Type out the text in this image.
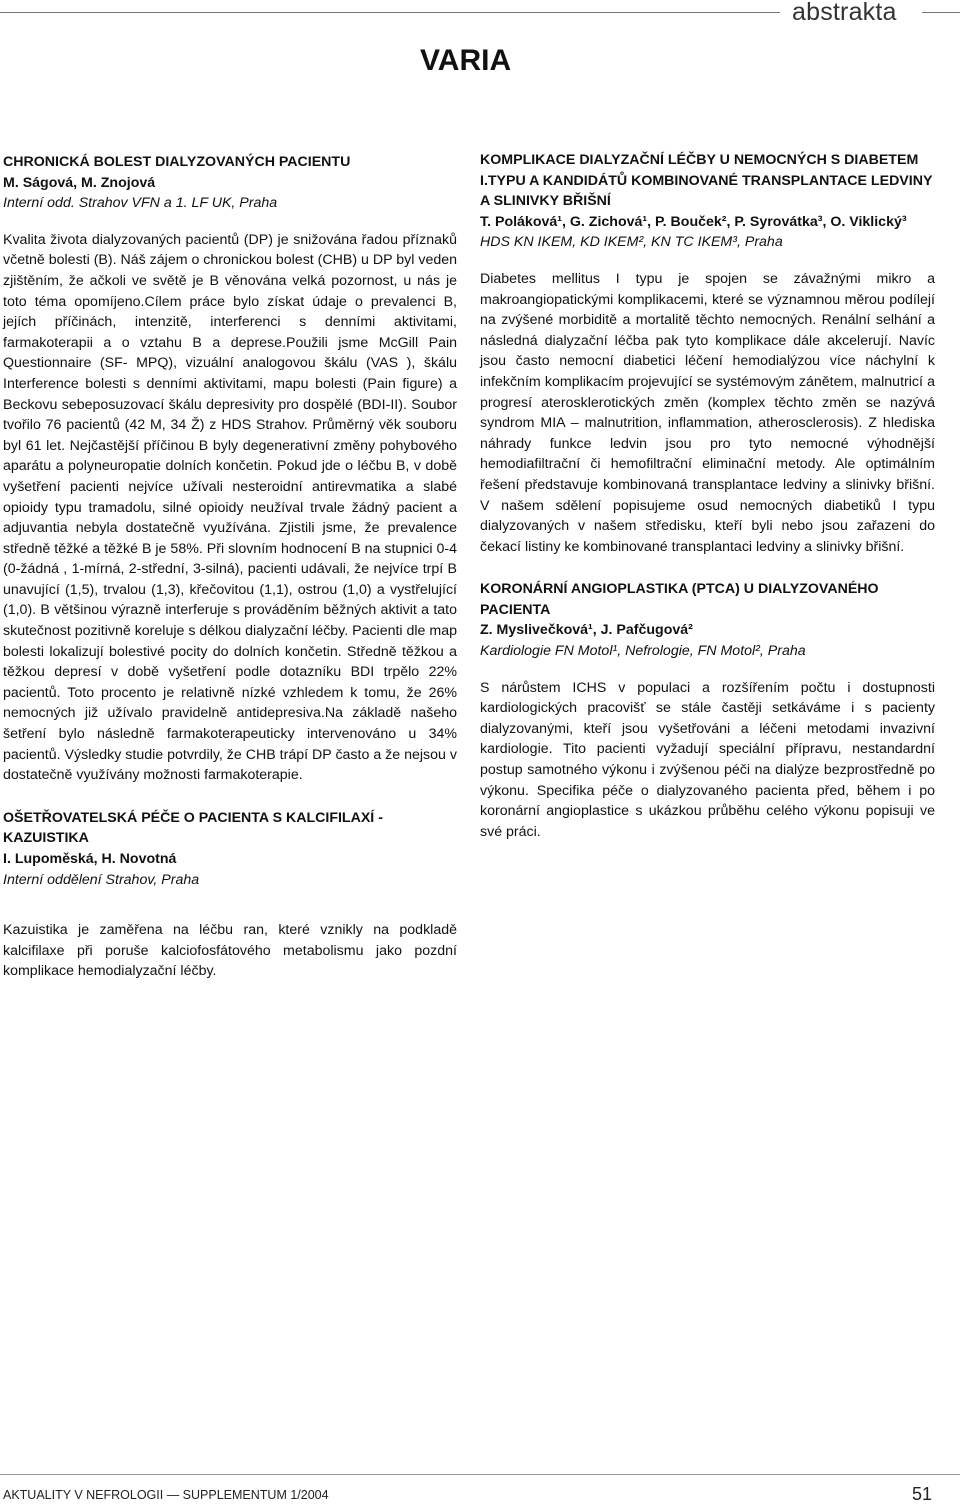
abstrakta
VARIA

CHRONICKÁ BOLEST DIALYZOVANÝCH PACIENTU

M. Ságová, M. Znojová

Interní odd. Strahov VFN a 1. LF UK, Praha

Kvalita života dialyzovaných pacientů (DP) je snižována řadou příznaků včetně bolesti (B). Náš zájem o chronickou bolest (CHB) u DP byl veden zjištěním, že ačkoli ve světě je B věnována velká pozornost, u nás je toto téma opomíjeno.Cílem práce bylo získat údaje o prevalenci B, jejích příčinách, intenzitě, interferenci s denními aktivitami, farmakoterapii a o vztahu B a deprese.Použili jsme McGill Pain Questionnaire (SF- MPQ), vizuální analogovou škálu (VAS ), škálu Interference bolesti s denními aktivitami, mapu bolesti (Pain figure) a Beckovu sebeposuzovací škálu depresivity pro dospělé (BDI-II). Soubor tvořilo 76 pacientů (42 M, 34 Ž) z HDS Strahov. Průměrný věk souboru byl 61 let. Nejčastější příčinou B byly degenerativní změny pohybového aparátu a polyneuropatie dolních končetin. Pokud jde o léčbu B, v době vyšetření pacienti nejvíce užívali nesteroidní antirevmatika a slabé opioidy typu tramadolu, silné opioidy neužíval trvale žádný pacient a adjuvantia nebyla dostatečně využívána. Zjistili jsme, že prevalence středně těžké a těžké B je 58%. Při slovním hodnocení B na stupnici 0-4 (0-žádná , 1-mírná, 2-střední, 3-silná), pacienti udávali, že nejvíce trpí B unavující (1,5), trvalou (1,3), křečovitou (1,1), ostrou (1,0) a vystřelující (1,0). B většinou výrazně interferuje s prováděním běžných aktivit a tato skutečnost pozitivně koreluje s délkou dialyzační léčby. Pacienti dle map bolesti lokalizují bolestivé pocity do dolních končetin. Středně těžkou a těžkou depresí v době vyšetření podle dotazníku BDI trpělo 22% pacientů. Toto procento je relativně nízké vzhledem k tomu, že 26% nemocných již užívalo pravidelně antidepresiva.Na základě našeho šetření bylo následně farmakoterapeuticky intervenováno u 34% pacientů. Výsledky studie potvrdily, že CHB trápí DP často a že nejsou v dostatečně využívány možnosti farmakoterapie.

OŠETŘOVATELSKÁ PÉČE O PACIENTA S KALCIFILAXÍ - KAZUISTIKA

I. Lupoměská, H. Novotná

Interní oddělení Strahov, Praha

Kazuistika je zaměřena na léčbu ran, které vznikly na podkladě kalcifilaxe při poruše kalciofosfátového metabolismu jako pozdní komplikace hemodialyzační léčby.

KOMPLIKACE DIALYZAČNÍ LÉČBY U NEMOCNÝCH S DIABETEM I.TYPU A KANDIDÁTŮ KOMBINOVANÉ TRANSPLANTACE LEDVINY A SLINIVKY BŘIŠNÍ

T. Poláková¹, G. Zichová¹, P. Bouček², P. Syrovátka³, O. Viklický³

HDS KN IKEM, KD IKEM², KN TC IKEM³, Praha

Diabetes mellitus I typu je spojen se závažnými mikro a makroangiopatickými komplikacemi, které se významnou měrou podílejí na zvýšené morbiditě a mortalitě těchto nemocných. Renální selhání a následná dialyzační léčba pak tyto komplikace dále akcelerují. Navíc jsou často nemocní diabetici léčení hemodialýzou více náchylní k infekčním komplikacím projevující se systémovým zánětem, malnutricí a progresí aterosklerotických změn (komplex těchto změn se nazývá syndrom MIA – malnutrition, inflammation, atherosclerosis). Z hlediska náhrady funkce ledvin jsou pro tyto nemocné výhodnější hemodiafiltrační či hemofiltrační eliminační metody. Ale optimálním řešení představuje kombinovaná transplantace ledviny a slinivky břišní. V našem sdělení popisujeme osud nemocných diabetiků I typu dialyzovaných v našem středisku, kteří byli nebo jsou zařazeni do čekací listiny ke kombinované transplantaci ledviny a slinivky břišní.

KORONÁRNÍ ANGIOPLASTIKA (PTCA) U DIALYZOVANÉHO PACIENTA

Z. Myslivečková¹, J. Pafčugová²

Kardiologie FN Motol¹, Nefrologie, FN Motol², Praha

S nárůstem ICHS v populaci a rozšířením počtu i dostupnosti kardiologických pracovišť se stále častěji setkáváme i s pacienty dialyzovanými, kteří jsou vyšetřováni a léčeni metodami invazivní kardiologie. Tito pacienti vyžadují speciální přípravu, nestandardní postup samotného výkonu i zvýšenou péči na dialýze bezprostředně po výkonu. Specifika péče o dialyzovaného pacienta před, během i po koronární angioplastice s ukázkou průběhu celého výkonu popisuji ve své práci.

AKTUALITY V NEFROLOGII — SUPPLEMENTUM 1/2004	51
